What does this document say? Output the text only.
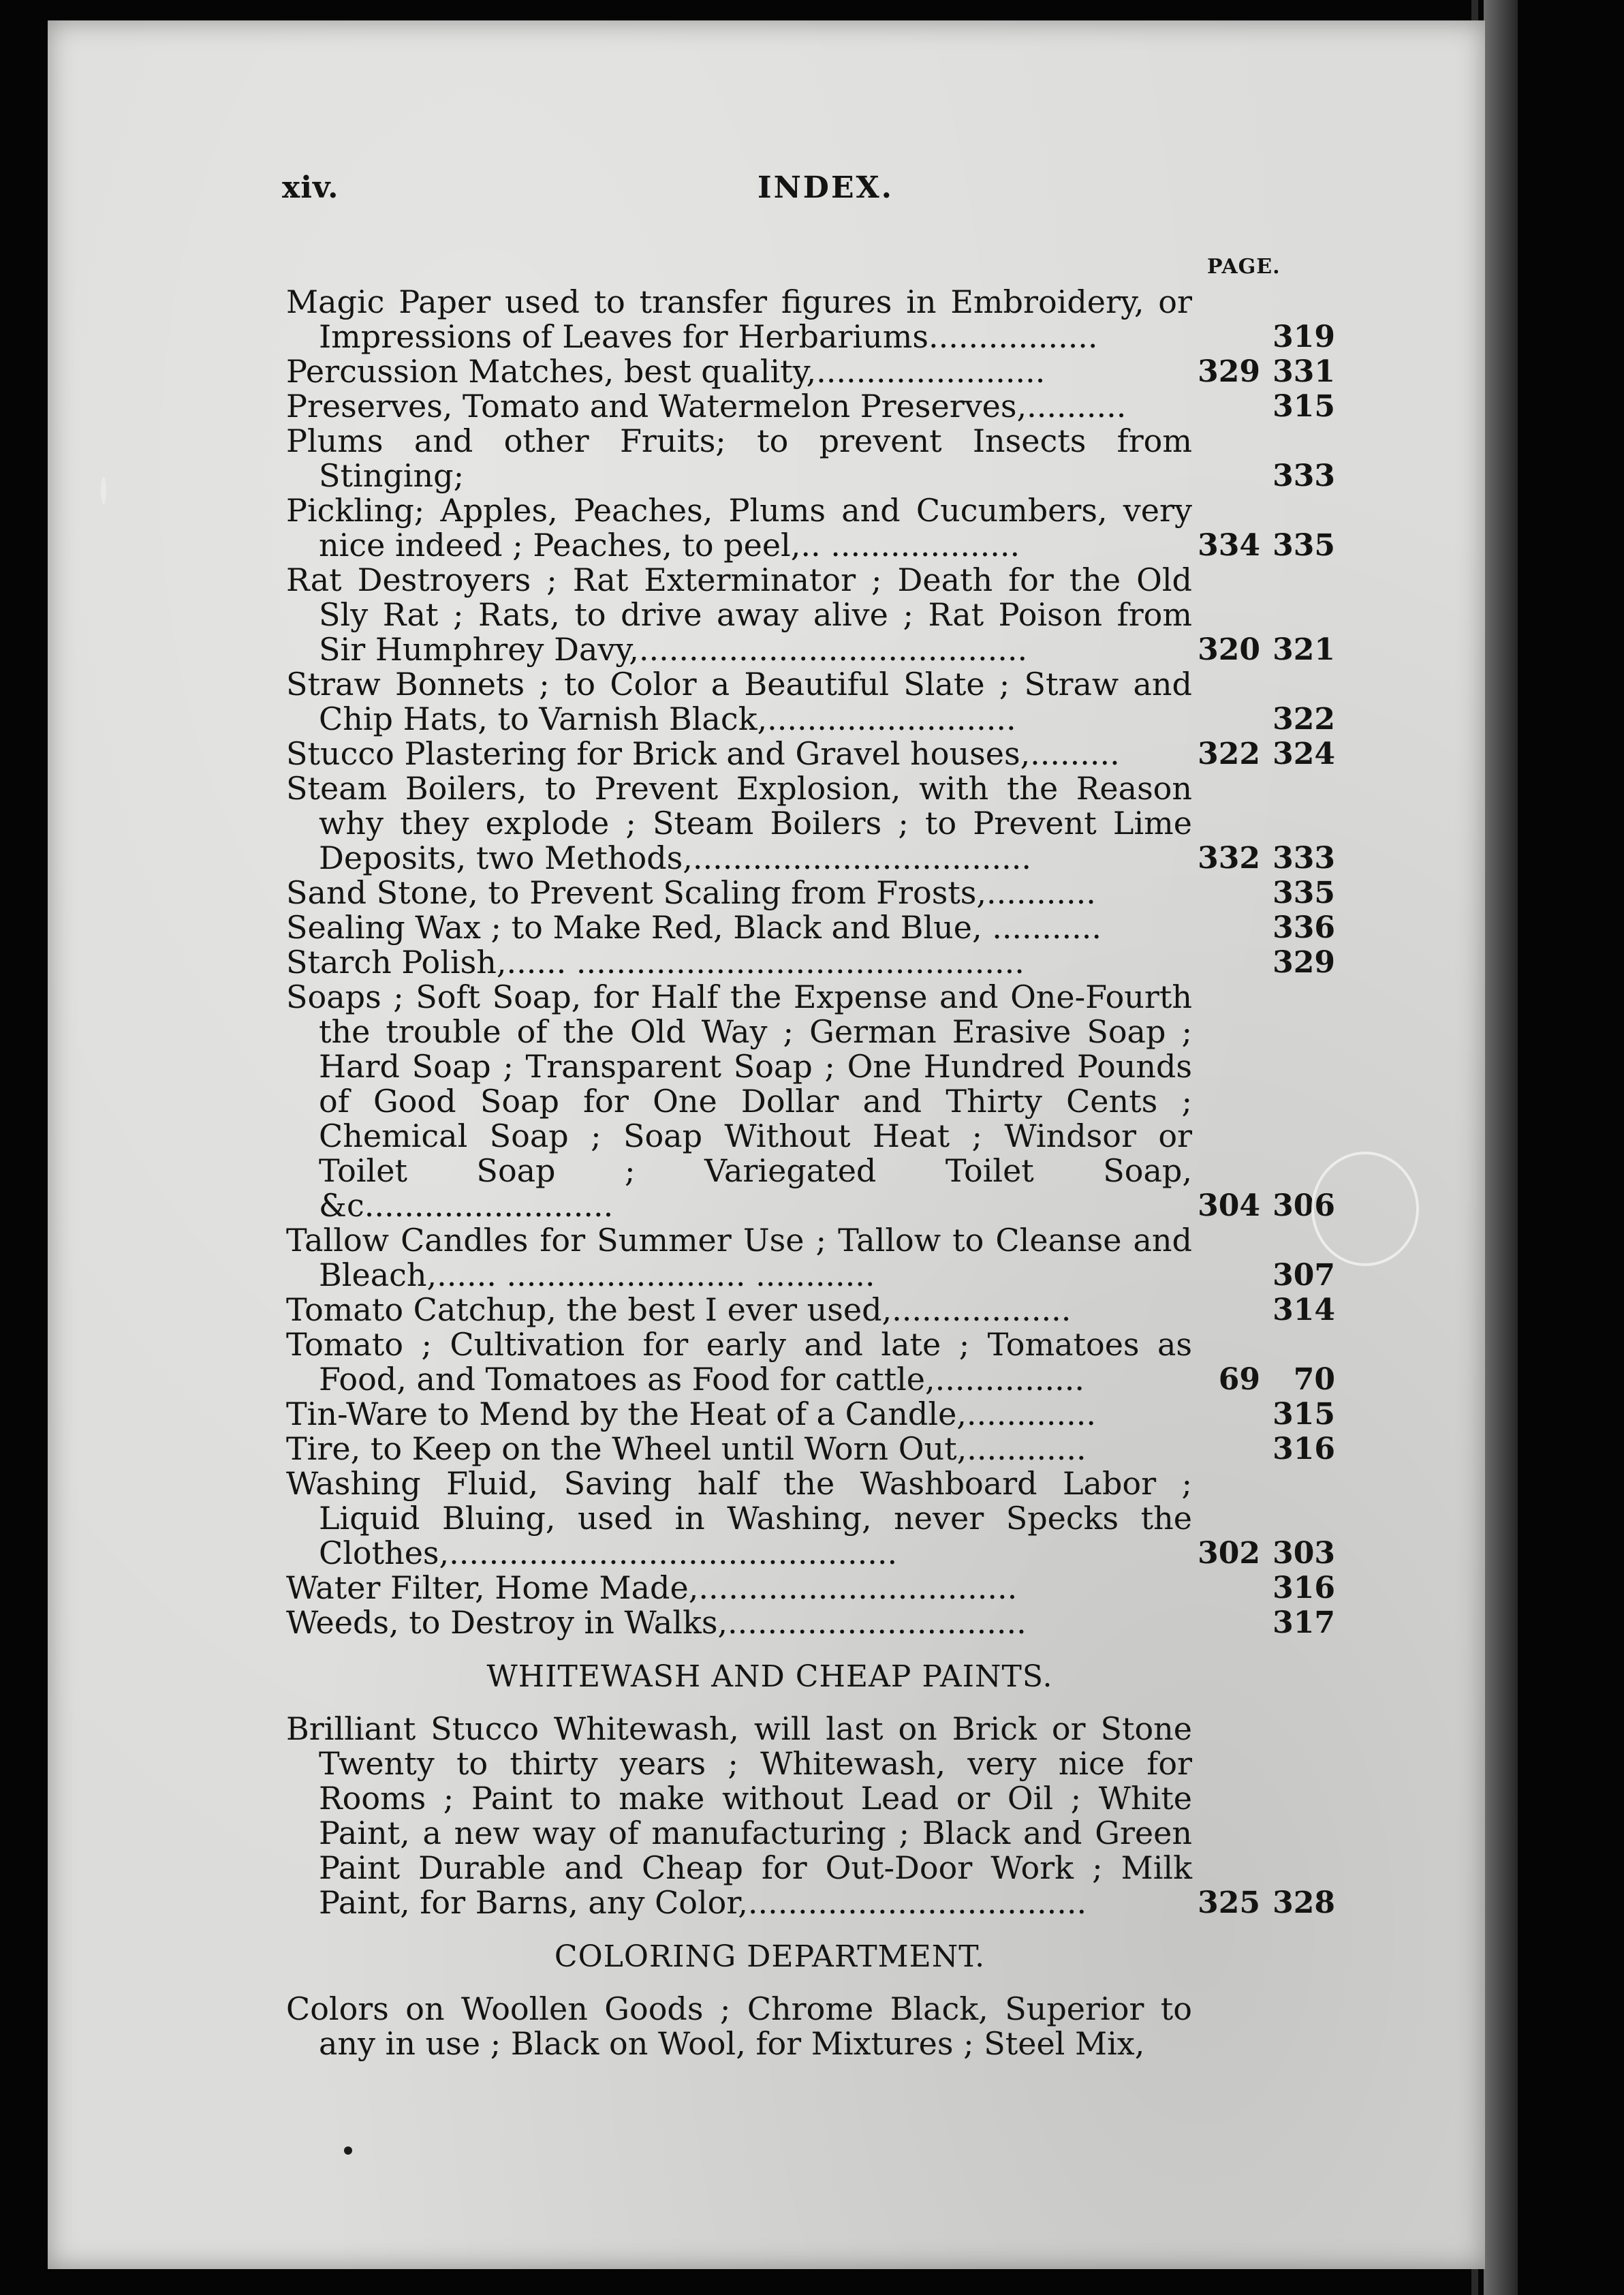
xiv.	INDEX.
PAGE.

Magic Paper used to transfer figures in Embroidery, or Impressions of Leaves for Herbariums.................	319

Percussion Matches, best quality,.......................	329 331

Preserves, Tomato and Watermelon Preserves,..........	315

Plums and other Fruits; to prevent Insects from Stinging;	333

Pickling; Apples, Peaches, Plums and Cucumbers, very nice indeed ; Peaches, to peel,.. ...................	334 335

Rat Destroyers ; Rat Exterminator ; Death for the Old Sly Rat ; Rats, to drive away alive ; Rat Poison from Sir Humphrey Davy,.......................................	320 321

Straw Bonnets ; to Color a Beautiful Slate ; Straw and Chip Hats, to Varnish Black,.........................	322

Stucco Plastering for Brick and Gravel houses,.........	322 324

Steam Boilers, to Prevent Explosion, with the Reason why they explode ; Steam Boilers ; to Prevent Lime Deposits, two Methods,..................................	332 333

Sand Stone, to Prevent Scaling from Frosts,...........	335

Sealing Wax ; to Make Red, Black and Blue, ...........	336

Starch Polish,...... .............................................	329

Soaps ; Soft Soap, for Half the Expense and One-Fourth the trouble of the Old Way ; German Erasive Soap ; Hard Soap ; Transparent Soap ; One Hundred Pounds of Good Soap for One Dollar and Thirty Cents ; Chemical Soap ; Soap Without Heat ; Windsor or Toilet Soap ; Variegated Toilet Soap, &c.........................	304 306

Tallow Candles for Summer Use ; Tallow to Cleanse and Bleach,...... ........................ ............	307

Tomato Catchup, the best I ever used,..................	314

Tomato ; Cultivation for early and late ; Tomatoes as Food, and Tomatoes as Food for cattle,...............	69 70

Tin-Ware to Mend by the Heat of a Candle,.............	315

Tire, to Keep on the Wheel until Worn Out,............	316

Washing Fluid, Saving half the Washboard Labor ; Liquid Bluing, used in Washing, never Specks the Clothes,.............................................	302 303

Water Filter, Home Made,................................	316

Weeds, to Destroy in Walks,..............................	317

WHITEWASH AND CHEAP PAINTS.

Brilliant Stucco Whitewash, will last on Brick or Stone Twenty to thirty years ; Whitewash, very nice for Rooms ; Paint to make without Lead or Oil ; White Paint, a new way of manufacturing ; Black and Green Paint Durable and Cheap for Out-Door Work ; Milk Paint, for Barns, any Color,..................................	325 328

COLORING DEPARTMENT.

Colors on Woollen Goods ; Chrome Black, Superior to any in use ; Black on Wool, for Mixtures ; Steel Mix,
